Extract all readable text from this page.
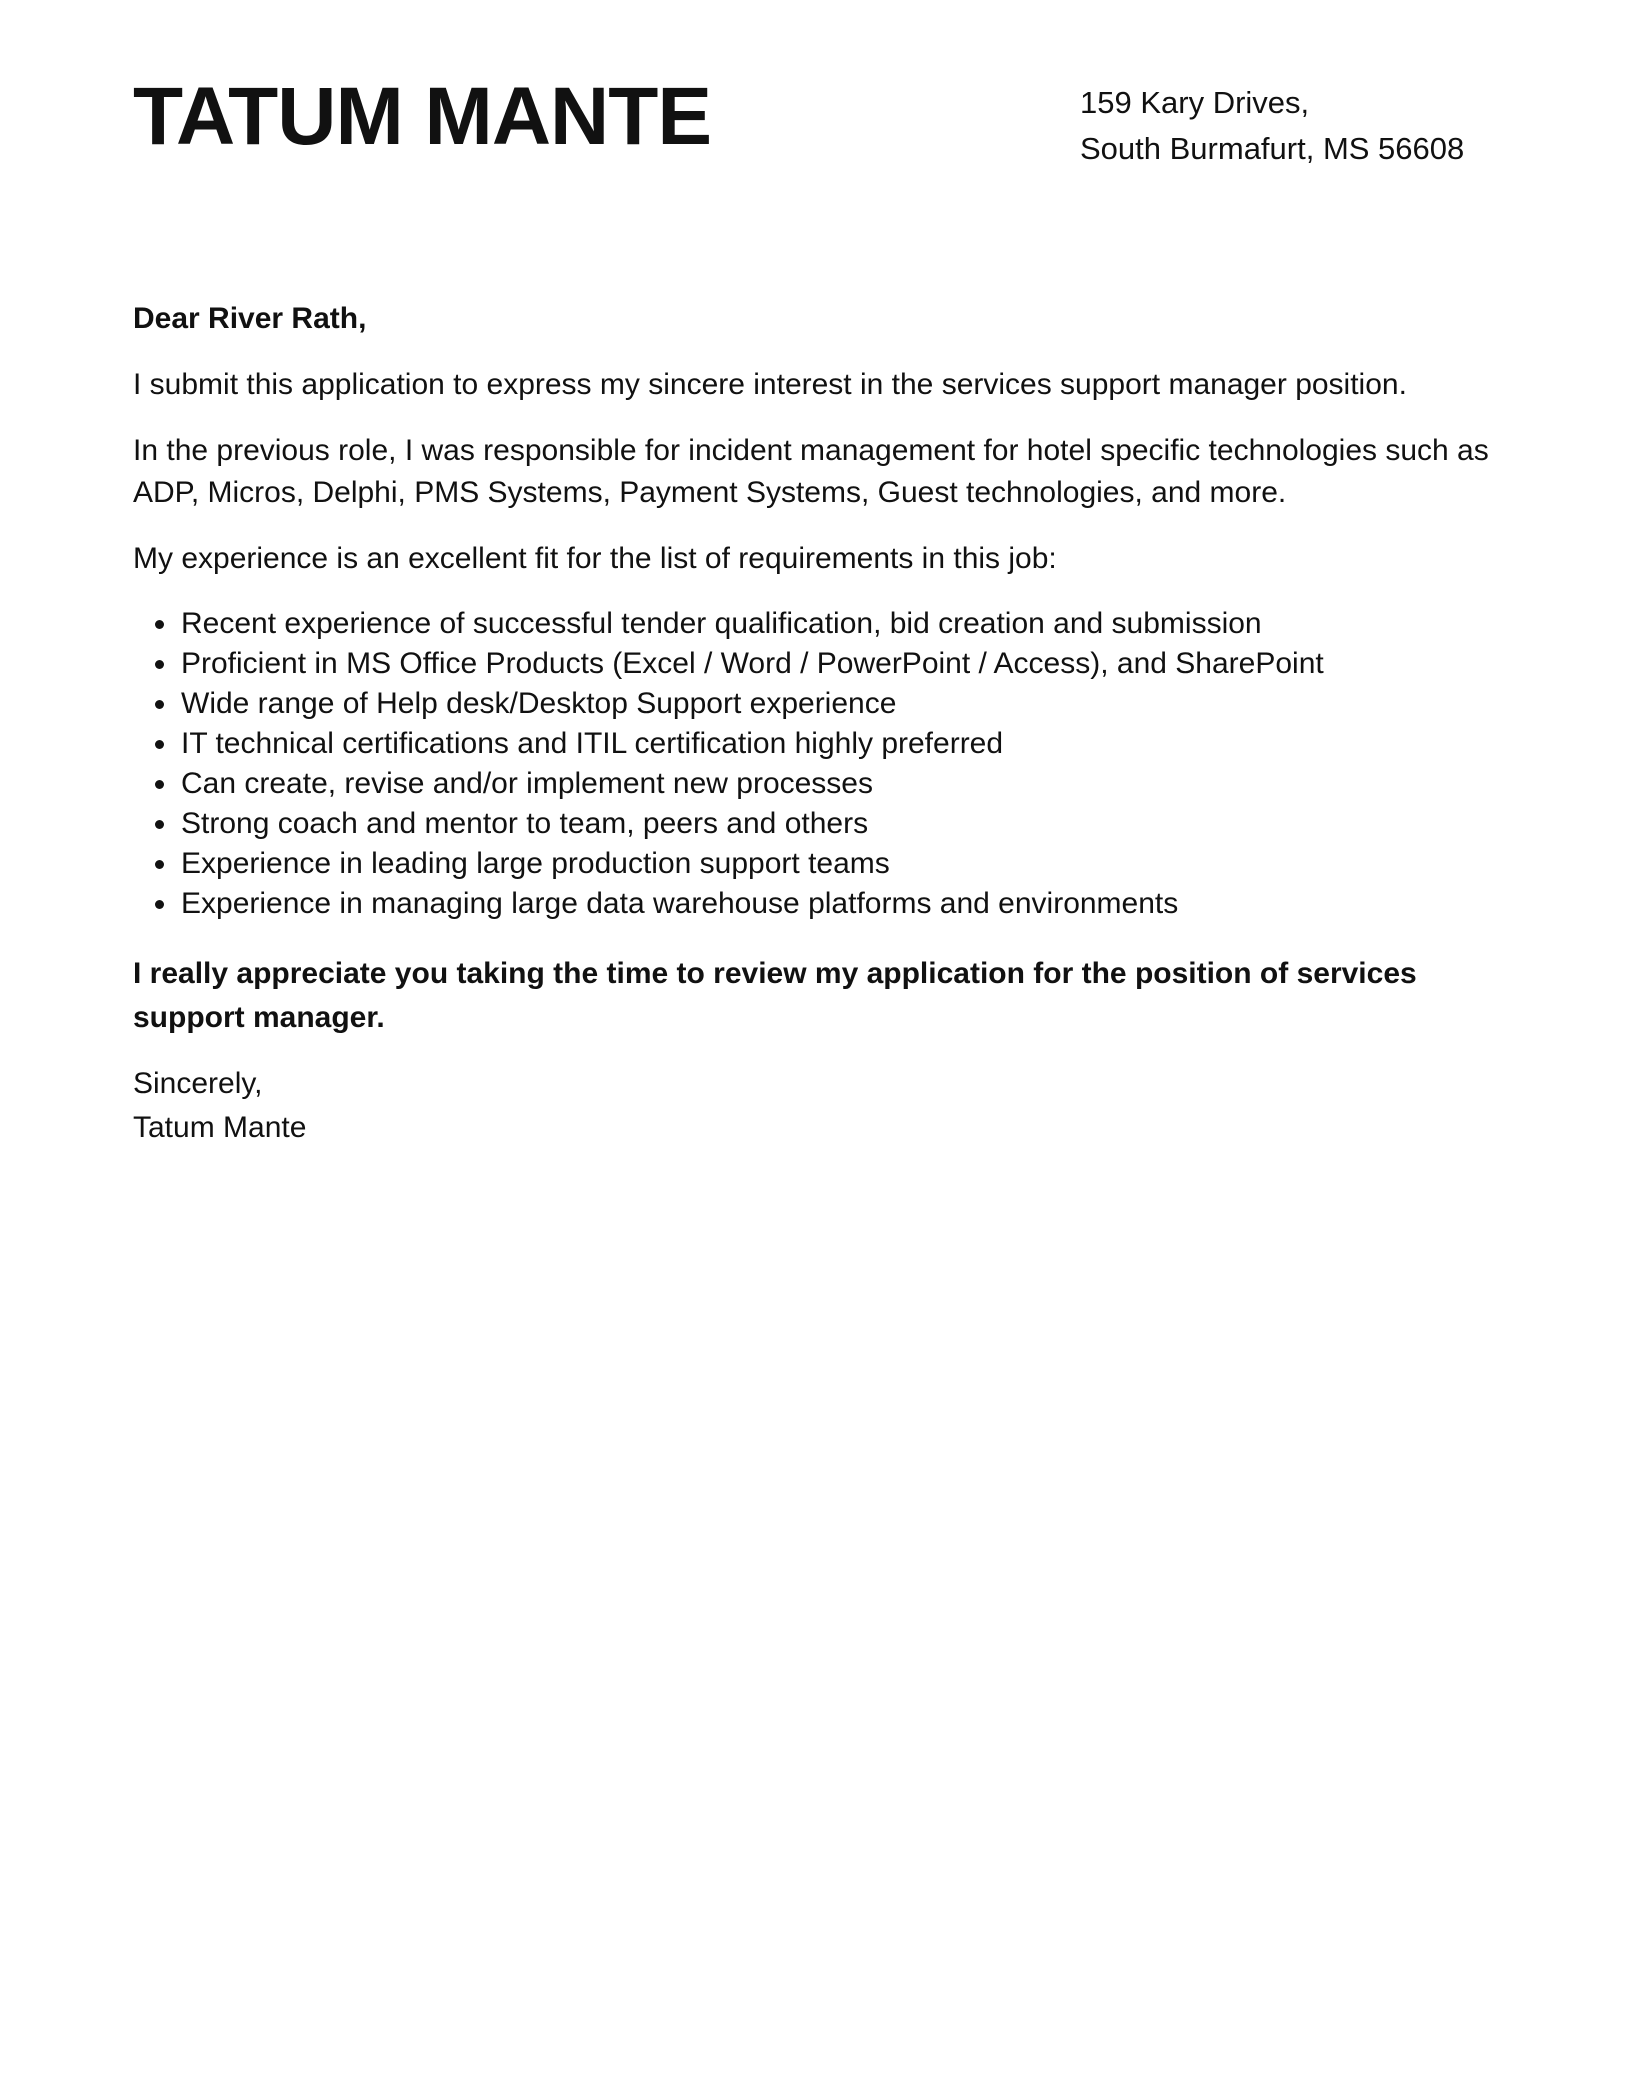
TATUM MANTE	159 Kary Drives,
South Burmafurt, MS 56608

Dear River Rath,

I submit this application to express my sincere interest in the services support manager position.

In the previous role, I was responsible for incident management for hotel specific technologies such as ADP, Micros, Delphi, PMS Systems, Payment Systems, Guest technologies, and more.

My experience is an excellent fit for the list of requirements in this job:

Recent experience of successful tender qualification, bid creation and submission
Proficient in MS Office Products (Excel / Word / PowerPoint / Access), and SharePoint
Wide range of Help desk/Desktop Support experience
IT technical certifications and ITIL certification highly preferred
Can create, revise and/or implement new processes
Strong coach and mentor to team, peers and others
Experience in leading large production support teams
Experience in managing large data warehouse platforms and environments

I really appreciate you taking the time to review my application for the position of services support manager.

Sincerely,
Tatum Mante
